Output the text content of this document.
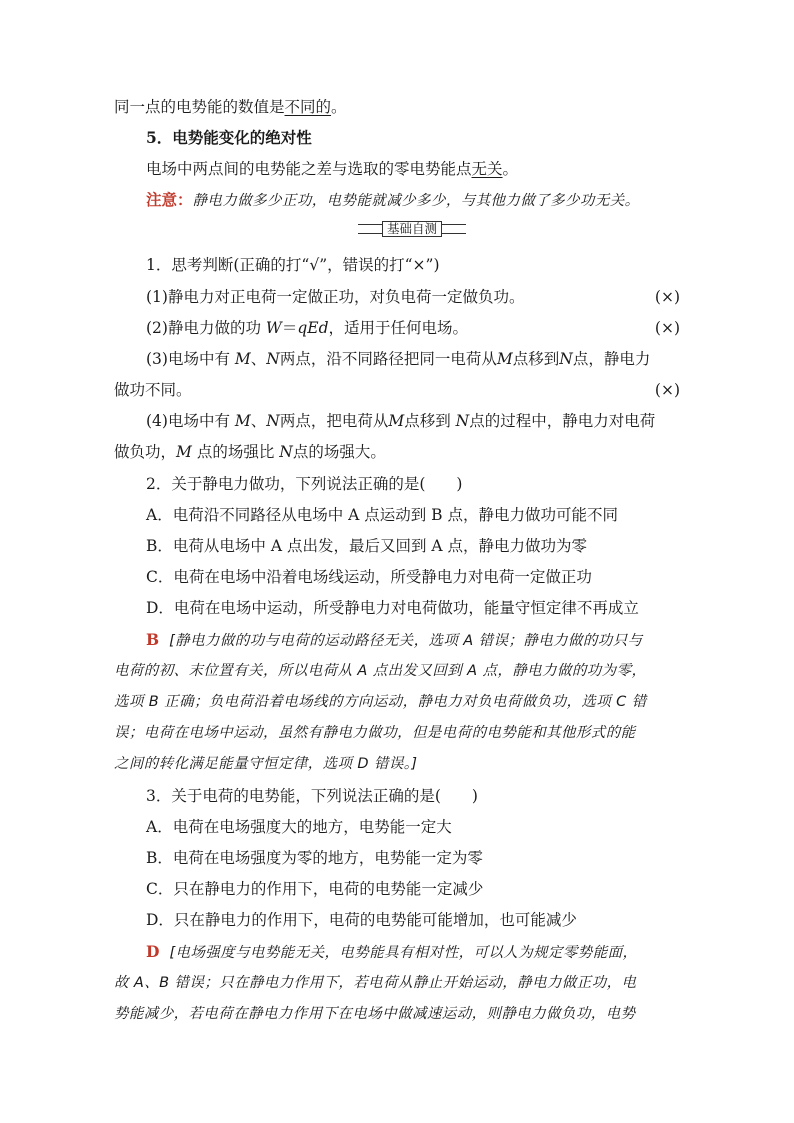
同一点的电势能的数值是不同的。
5．电势能变化的绝对性
电场中两点间的电势能之差与选取的零电势能点无关。
注意：静电力做多少正功，电势能就减少多少，与其他力做了多少功无关。
基础自测
1．思考判断(正确的打“√”，错误的打“×”)
(1)静电力对正电荷一定做正功，对负电荷一定做负功。	(×)
(2)静电力做的功 W＝qEd，适用于任何电场。	(×)
(3)电场中有 M、N两点，沿不同路径把同一电荷从M点移到N点，静电力
做功不同。	(×)
(4)电场中有 M、N两点，把电荷从M点移到 N点的过程中，静电力对电荷
做负功，M 点的场强比 N点的场强大。
2．关于静电力做功，下列说法正确的是(　　)
A．电荷沿不同路径从电场中 A 点运动到 B 点，静电力做功可能不同
B．电荷从电场中 A 点出发，最后又回到 A 点，静电力做功为零
C．电荷在电场中沿着电场线运动，所受静电力对电荷一定做正功
D．电荷在电场中运动，所受静电力对电荷做功，能量守恒定律不再成立
B [静电力做的功与电荷的运动路径无关，选项 A 错误；静电力做的功只与
电荷的初、末位置有关，所以电荷从 A 点出发又回到 A 点，静电力做的功为零，
选项 B 正确；负电荷沿着电场线的方向运动，静电力对负电荷做负功，选项 C 错
误；电荷在电场中运动，虽然有静电力做功，但是电荷的电势能和其他形式的能
之间的转化满足能量守恒定律，选项 D 错误。]
3．关于电荷的电势能，下列说法正确的是(　　)
A．电荷在电场强度大的地方，电势能一定大
B．电荷在电场强度为零的地方，电势能一定为零
C．只在静电力的作用下，电荷的电势能一定减少
D．只在静电力的作用下，电荷的电势能可能增加，也可能减少
D [电场强度与电势能无关，电势能具有相对性，可以人为规定零势能面，
故 A、B 错误；只在静电力作用下，若电荷从静止开始运动，静电力做正功，电
势能减少，若电荷在静电力作用下在电场中做减速运动，则静电力做负功，电势
